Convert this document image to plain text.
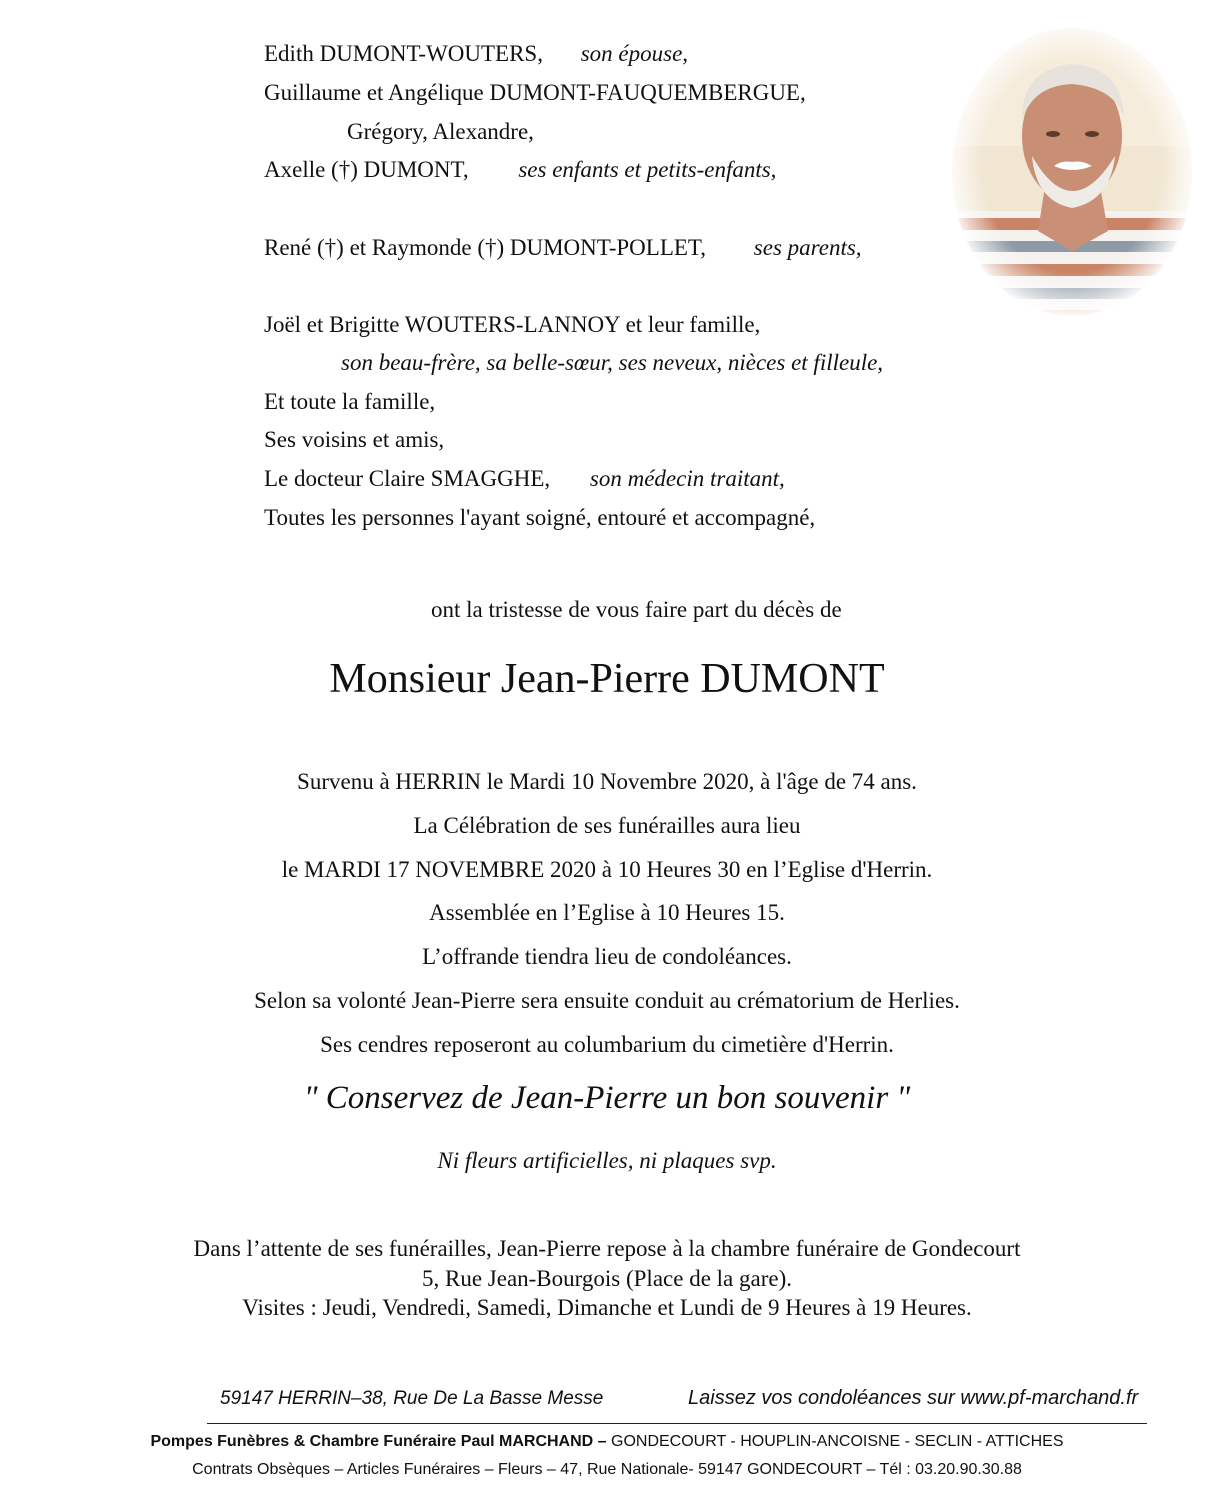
Edith DUMONT-WOUTERS, son épouse,
Guillaume et Angélique DUMONT-FAUQUEMBERGUE,
Grégory, Alexandre,
Axelle (†) DUMONT, ses enfants et petits-enfants,
René (†) et Raymonde (†) DUMONT-POLLET, ses parents,
Joël et Brigitte WOUTERS-LANNOY et leur famille,
son beau-frère, sa belle-sœur, ses neveux, nièces et filleule,
Et toute la famille,
Ses voisins et amis,
Le docteur Claire SMAGGHE, son médecin traitant,
Toutes les personnes l'ayant soigné, entouré et accompagné,
ont la tristesse de vous faire part du décès de
Monsieur Jean-Pierre DUMONT
Survenu à HERRIN le Mardi 10 Novembre 2020, à l'âge de 74 ans.
La Célébration de ses funérailles aura lieu
le MARDI 17 NOVEMBRE 2020 à 10 Heures 30 en l’Eglise d'Herrin.
Assemblée en l’Eglise à 10 Heures 15.
L’offrande tiendra lieu de condoléances.
Selon sa volonté Jean-Pierre sera ensuite conduit au crématorium de Herlies.
Ses cendres reposeront au columbarium du cimetière d'Herrin.
" Conservez de Jean-Pierre un bon souvenir "
Ni fleurs artificielles, ni plaques svp.
Dans l’attente de ses funérailles, Jean-Pierre repose à la chambre funéraire de Gondecourt
5, Rue Jean-Bourgois (Place de la gare).
Visites : Jeudi, Vendredi, Samedi, Dimanche et Lundi de 9 Heures à 19 Heures.
59147 HERRIN–38, Rue De La Basse Messe	Laissez vos condoléances sur www.pf-marchand.fr
Pompes Funèbres & Chambre Funéraire Paul MARCHAND – GONDECOURT - HOUPLIN-ANCOISNE - SECLIN - ATTICHES
Contrats Obsèques – Articles Funéraires – Fleurs – 47, Rue Nationale- 59147 GONDECOURT – Tél : 03.20.90.30.88
